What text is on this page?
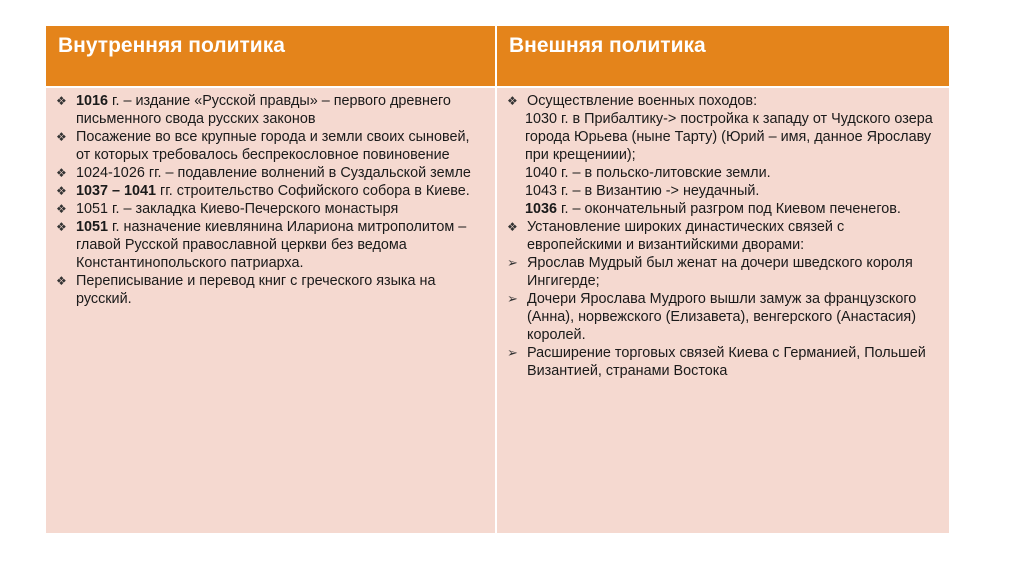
Внутренняя политика	Внешняя политика
❖ 1016 г. – издание «Русской правды» – первого древнего письменного свода русских законов
❖ Посажение во все крупные города и земли своих сыновей, от которых требовалось беспрекословное повиновение
❖ 1024-1026 гг. – подавление волнений в Суздальской земле
❖ 1037 – 1041 гг. строительство Софийского собора в Киеве.
❖ 1051 г. – закладка Киево-Печерского монастыря
❖ 1051 г. назначение киевлянина Илариона митрополитом – главой Русской православной церкви без ведома Константинопольского патриарха.
❖ Переписывание и перевод книг с греческого языка на русский.
❖ Осуществление военных походов:
1030 г. в Прибалтику-> постройка к западу от Чудского озера города Юрьева (ныне Тарту) (Юрий – имя, данное Ярославу при крещениии);
1040 г. – в польско-литовские земли.
1043 г. – в Византию -> неудачный.
1036 г. – окончательный разгром под Киевом печенегов.
❖ Установление широких династических связей с европейскими и византийскими дворами:
➢ Ярослав Мудрый был женат на дочери шведского короля Ингигерде;
➢ Дочери Ярослава Мудрого вышли замуж за французского (Анна), норвежского (Елизавета), венгерского (Анастасия) королей.
➢ Расширение торговых связей Киева с Германией, Польшей Византией, странами Востока
